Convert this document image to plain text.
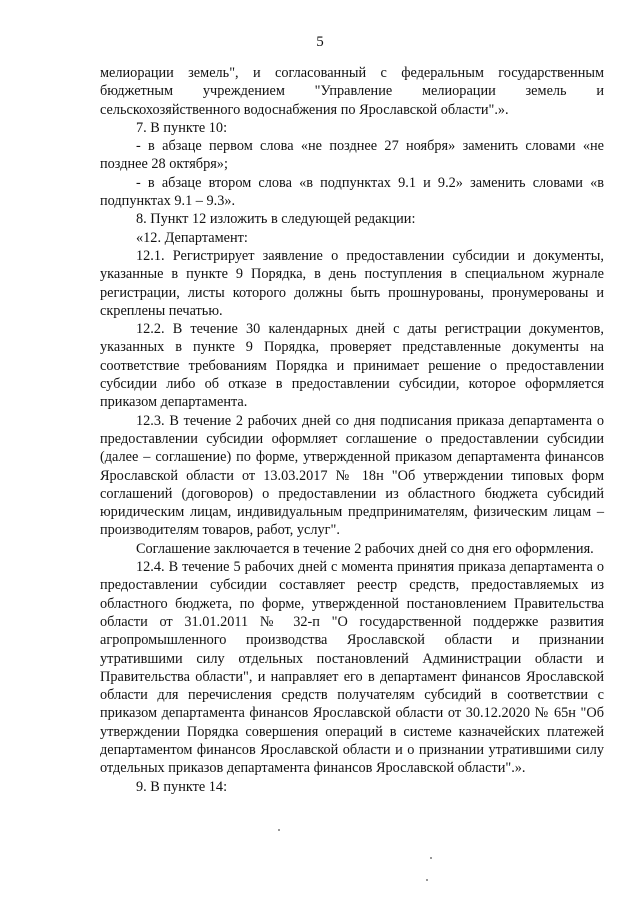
5

мелиорации земель", и согласованный с федеральным государственным бюджетным учреждением "Управление мелиорации земель и сельскохозяйственного водоснабжения по Ярославской области".».

7. В пункте 10:

- в абзаце первом слова «не позднее 27 ноября» заменить словами «не позднее 28 октября»;

- в абзаце втором слова «в подпунктах 9.1 и 9.2» заменить словами «в подпунктах 9.1 – 9.3».

8. Пункт 12 изложить в следующей редакции:

«12. Департамент:

12.1. Регистрирует заявление о предоставлении субсидии и документы, указанные в пункте 9 Порядка, в день поступления в специальном журнале регистрации, листы которого должны быть прошнурованы, пронумерованы и скреплены печатью.

12.2. В течение 30 календарных дней с даты регистрации документов, указанных в пункте 9 Порядка, проверяет представленные документы на соответствие требованиям Порядка и принимает решение о предоставлении субсидии либо об отказе в предоставлении субсидии, которое оформляется приказом департамента.

12.3. В течение 2 рабочих дней со дня подписания приказа департамента о предоставлении субсидии оформляет соглашение о предоставлении субсидии (далее – соглашение) по форме, утвержденной приказом департамента финансов Ярославской области от 13.03.2017 № 18н "Об утверждении типовых форм соглашений (договоров) о предоставлении из областного бюджета субсидий юридическим лицам, индивидуальным предпринимателям, физическим лицам – производителям товаров, работ, услуг".

Соглашение заключается в течение 2 рабочих дней со дня его оформления.

12.4. В течение 5 рабочих дней с момента принятия приказа департамента о предоставлении субсидии составляет реестр средств, предоставляемых из областного бюджета, по форме, утвержденной постановлением Правительства области от 31.01.2011 № 32-п "О государственной поддержке развития агропромышленного производства Ярославской области и признании утратившими силу отдельных постановлений Администрации области и Правительства области", и направляет его в департамент финансов Ярославской области для перечисления средств получателям субсидий в соответствии с приказом департамента финансов Ярославской области от 30.12.2020 № 65н "Об утверждении Порядка совершения операций в системе казначейских платежей департаментом финансов Ярославской области и о признании утратившими силу отдельных приказов департамента финансов Ярославской области".».

9. В пункте 14:
